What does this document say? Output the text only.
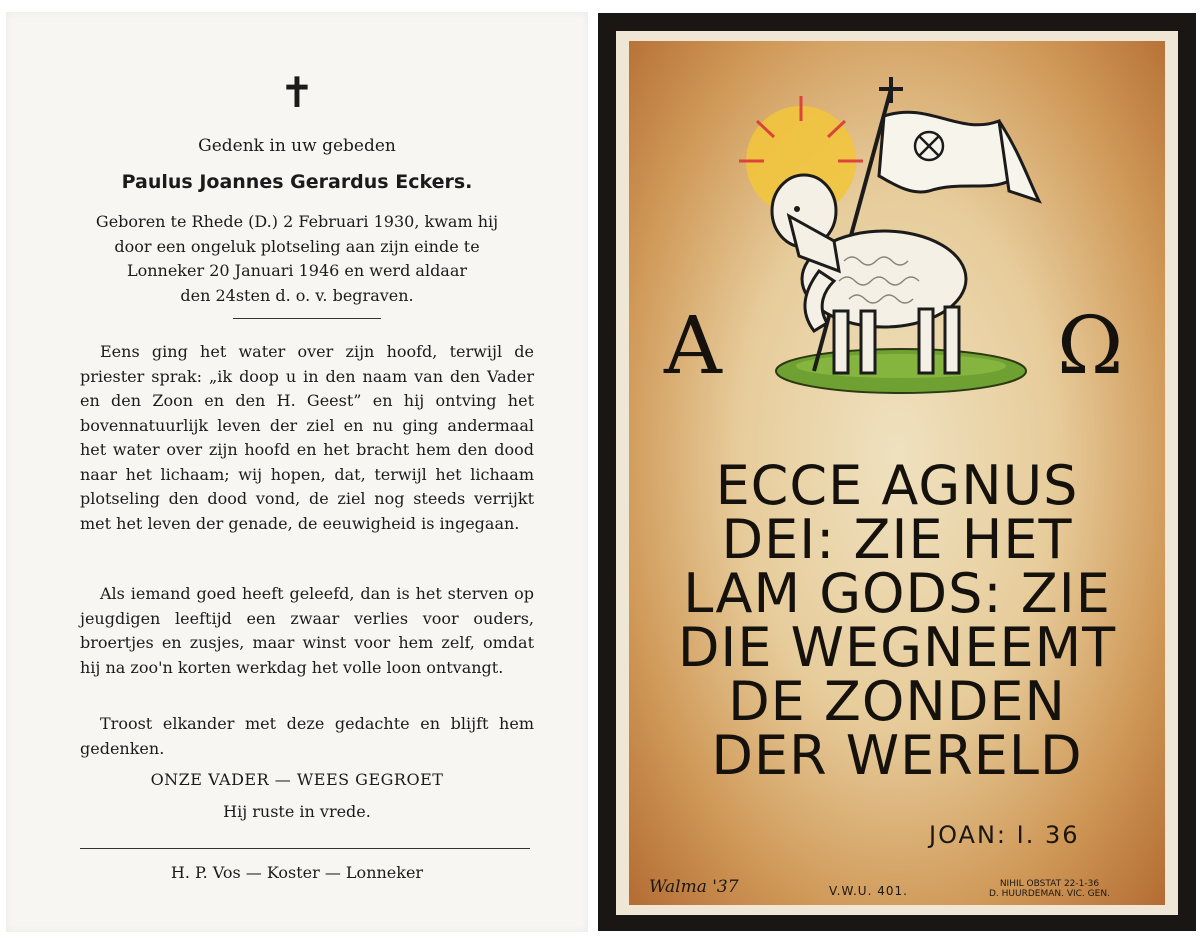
✝
Gedenk in uw gebeden
Paulus Joannes Gerardus Eckers.
Geboren te Rhede (D.) 2 Februari 1930, kwam hij
door een ongeluk plotseling aan zijn einde te
Lonneker 20 Januari 1946 en werd aldaar
den 24sten d. o. v. begraven.
Eens ging het water over zijn hoofd, terwijl de priester sprak: „ik doop u in den naam van den Vader en den Zoon en den H. Geest” en hij ontving het bovennatuurlijk leven der ziel en nu ging andermaal het water over zijn hoofd en het bracht hem den dood naar het lichaam; wij hopen, dat, terwijl het lichaam plotseling den dood vond, de ziel nog steeds verrijkt met het leven der genade, de eeuwigheid is ingegaan.
Als iemand goed heeft geleefd, dan is het sterven op jeugdigen leeftijd een zwaar verlies voor ouders, broertjes en zusjes, maar winst voor hem zelf, omdat hij na zoo'n korten werkdag het volle loon ontvangt.
Troost elkander met deze gedachte en blijft hem gedenken.
ONZE VADER — WEES GEGROET
Hij ruste in vrede.
H. P. Vos — Koster — Lonneker
A	Ω
ECCE AGNUS
DEI: ZIE HET
LAM GODS: ZIE
DIE WEGNEEMT
DE ZONDEN
DER WERELD
JOAN: I. 36
Walma '37	V.W.U. 401.	NIHIL OBSTAT 22-1-36
D. HUURDEMAN. VIC. GEN.
